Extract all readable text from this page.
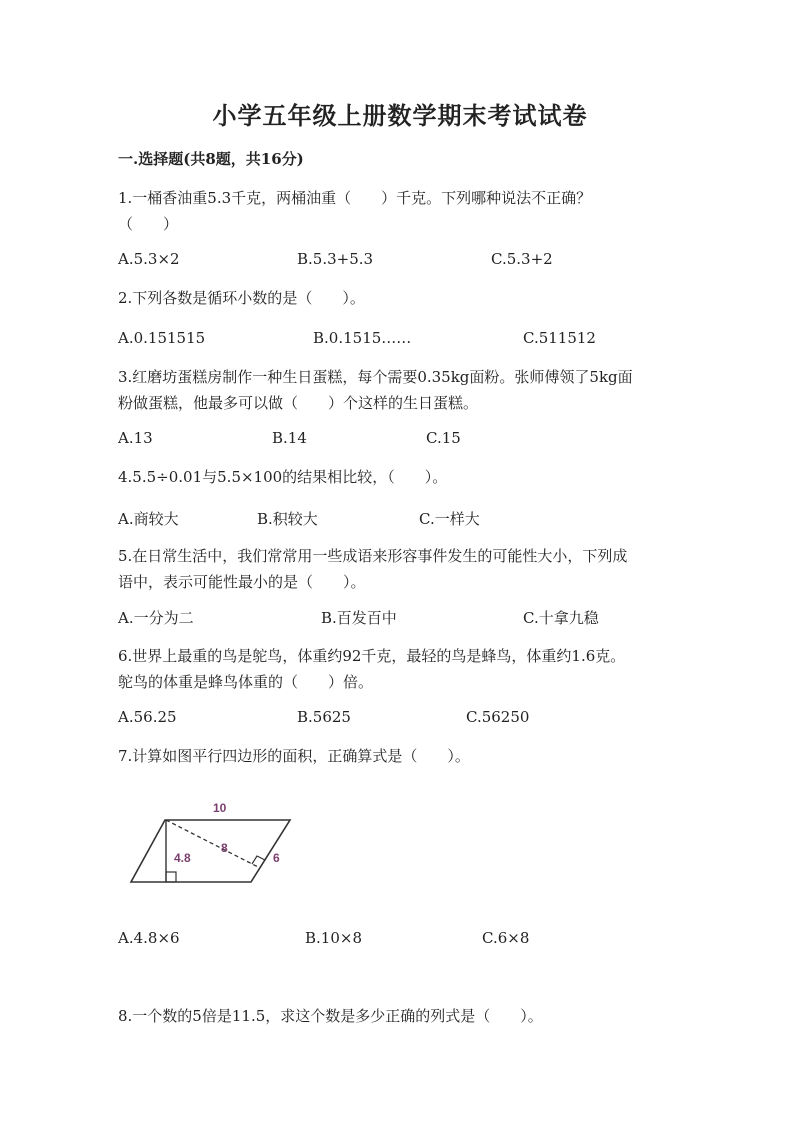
小学五年级上册数学期末考试试卷
一.选择题(共8题，共16分)
1.一桶香油重5.3千克，两桶油重（　　）千克。下列哪种说法不正确？
（　　）
A.5.3×2	B.5.3+5.3	C.5.3+2
2.下列各数是循环小数的是（　　）。
A.0.151515	B.0.1515……	C.511512
3.红磨坊蛋糕房制作一种生日蛋糕，每个需要0.35kg面粉。张师傅领了5kg面
粉做蛋糕，他最多可以做（　　）个这样的生日蛋糕。
A.13	B.14	C.15
4.5.5÷0.01与5.5×100的结果相比较，（　　）。
A.商较大	B.积较大	C.一样大
5.在日常生活中，我们常常用一些成语来形容事件发生的可能性大小，下列成
语中，表示可能性最小的是（　　）。
A.一分为二	B.百发百中	C.十拿九稳
6.世界上最重的鸟是鸵鸟，体重约92千克，最轻的鸟是蜂鸟，体重约1.6克。
鸵鸟的体重是蜂鸟体重的（　　）倍。
A.56.25	B.5625	C.56250
7.计算如图平行四边形的面积，正确算式是（　　）。
10
4.8
8
6
A.4.8×6	B.10×8	C.6×8
8.一个数的5倍是11.5，求这个数是多少正确的列式是（　　）。
